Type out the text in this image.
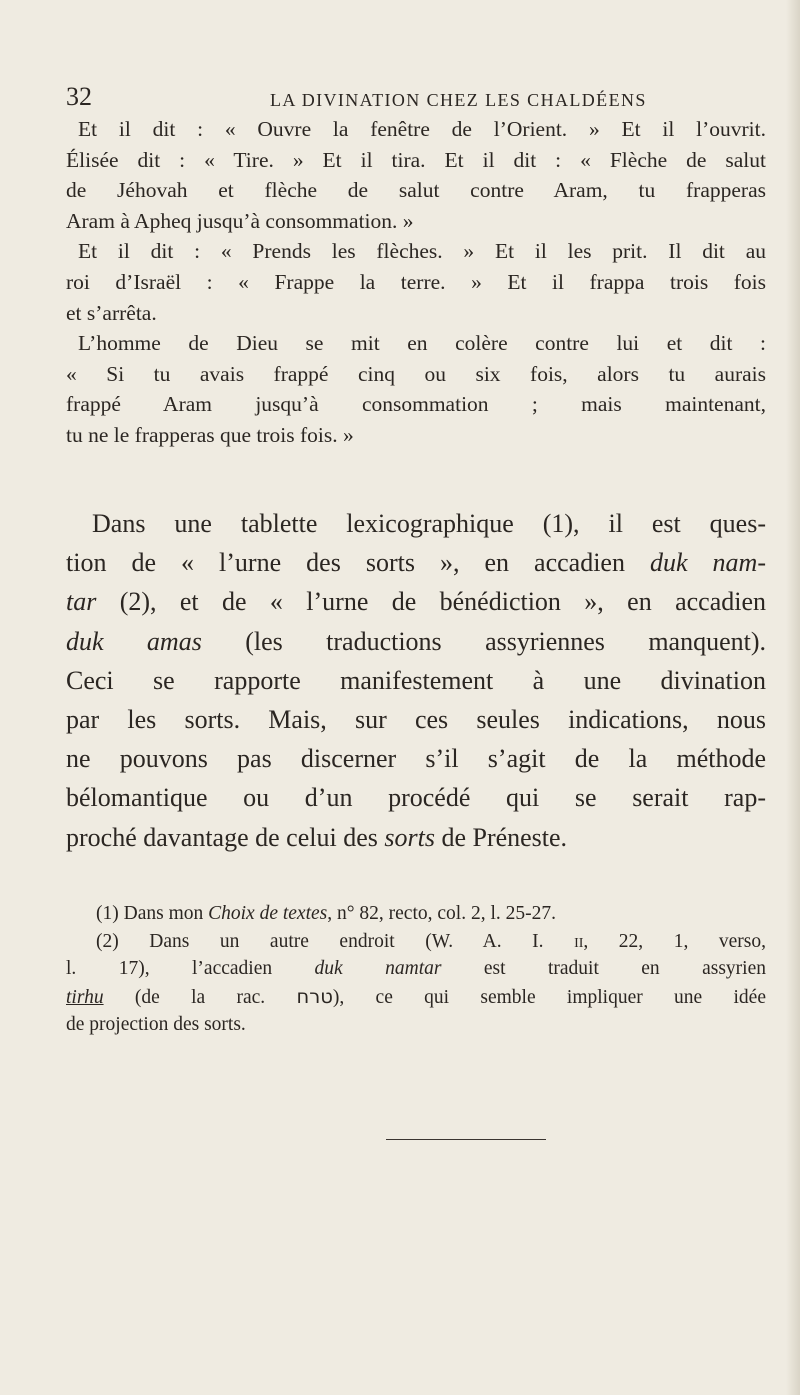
32	LA DIVINATION CHEZ LES CHALDÉENS
Et il dit : « Ouvre la fenêtre de l’Orient. » Et il l’ouvrit.
Élisée dit : « Tire. » Et il tira. Et il dit : « Flèche de salut
de Jéhovah et flèche de salut contre Aram, tu frapperas
Aram à Apheq jusqu’à consommation. »
Et il dit : « Prends les flèches. » Et il les prit. Il dit au
roi d’Israël : « Frappe la terre. » Et il frappa trois fois
et s’arrêta.
L’homme de Dieu se mit en colère contre lui et dit :
« Si tu avais frappé cinq ou six fois, alors tu aurais
frappé Aram jusqu’à consommation ; mais maintenant,
tu ne le frapperas que trois fois. »
Dans une tablette lexicographique (1), il est ques-
tion de « l’urne des sorts », en accadien duk nam-
tar (2), et de « l’urne de bénédiction », en accadien
duk amas (les traductions assyriennes manquent).
Ceci se rapporte manifestement à une divination
par les sorts. Mais, sur ces seules indications, nous
ne pouvons pas discerner s’il s’agit de la méthode
bélomantique ou d’un procédé qui se serait rap-
proché davantage de celui des sorts de Préneste.
(1) Dans mon Choix de textes, n° 82, recto, col. 2, l. 25-27.
(2) Dans un autre endroit (W. A. I. ii, 22, 1, verso,
l. 17), l’accadien duk namtar est traduit en assyrien
tirhu (de la rac. טרח), ce qui semble impliquer une idée
de projection des sorts.
